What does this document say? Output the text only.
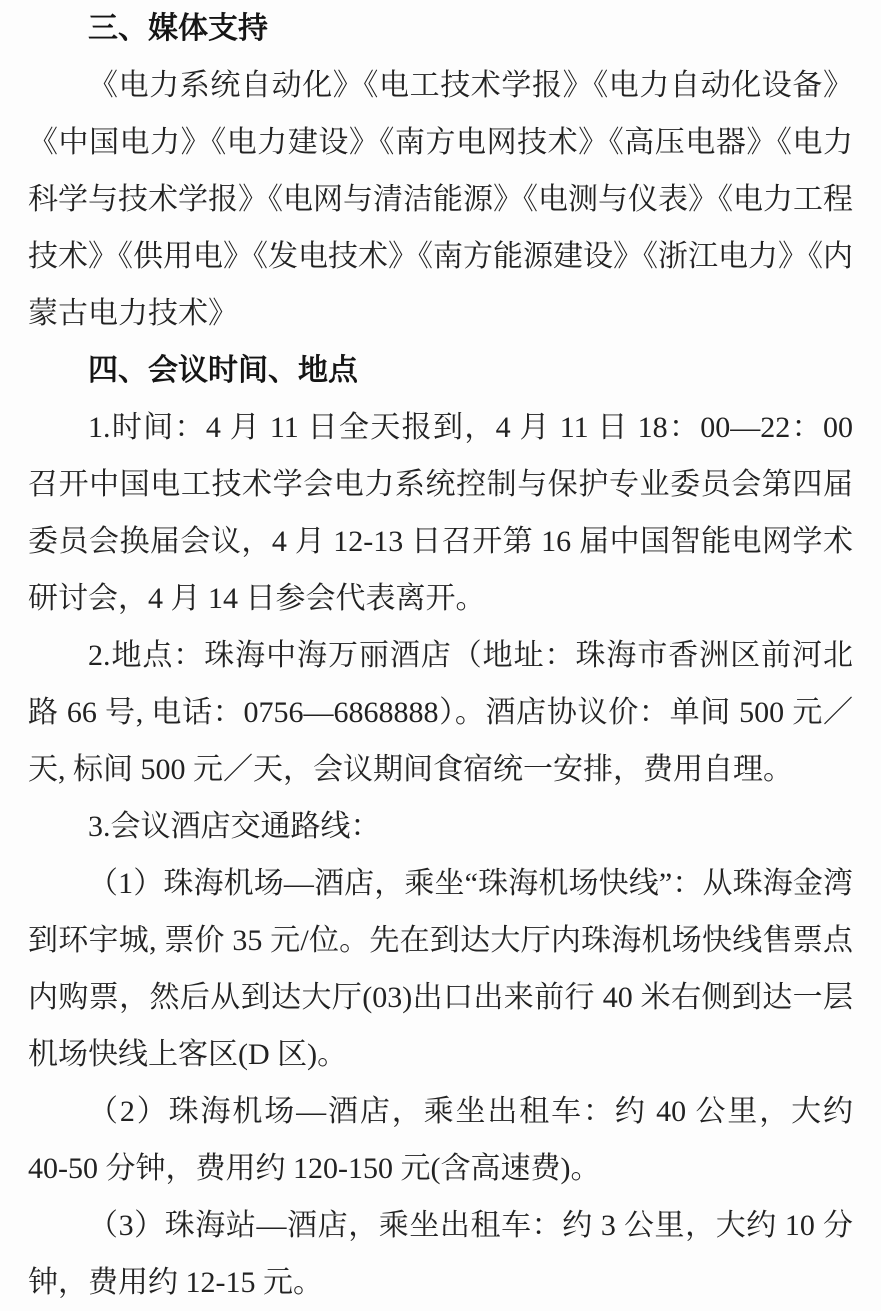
三、媒体支持

《电力系统自动化》《电工技术学报》《电力自动化设备》《中国电力》《电力建设》《南方电网技术》《高压电器》《电力科学与技术学报》《电网与清洁能源》《电测与仪表》《电力工程技术》《供用电》《发电技术》《南方能源建设》《浙江电力》《内蒙古电力技术》

四、会议时间、地点

1.时间：4 月 11 日全天报到，4 月 11 日 18：00—22：00 召开中国电工技术学会电力系统控制与保护专业委员会第四届委员会换届会议，4 月 12-13 日召开第 16 届中国智能电网学术研讨会，4 月 14 日参会代表离开。

2.地点：珠海中海万丽酒店（地址：珠海市香洲区前河北路 66 号, 电话：0756—6868888）。酒店协议价：单间 500 元／天, 标间 500 元／天，会议期间食宿统一安排，费用自理。

3.会议酒店交通路线：

（1）珠海机场—酒店，乘坐“珠海机场快线”：从珠海金湾到环宇城, 票价 35 元/位。先在到达大厅内珠海机场快线售票点内购票，然后从到达大厅(03)出口出来前行 40 米右侧到达一层机场快线上客区(D 区)。

（2）珠海机场—酒店，乘坐出租车：约 40 公里，大约 40-50 分钟，费用约 120-150 元(含高速费)。

（3）珠海站—酒店，乘坐出租车：约 3 公里，大约 10 分钟，费用约 12-15 元。
